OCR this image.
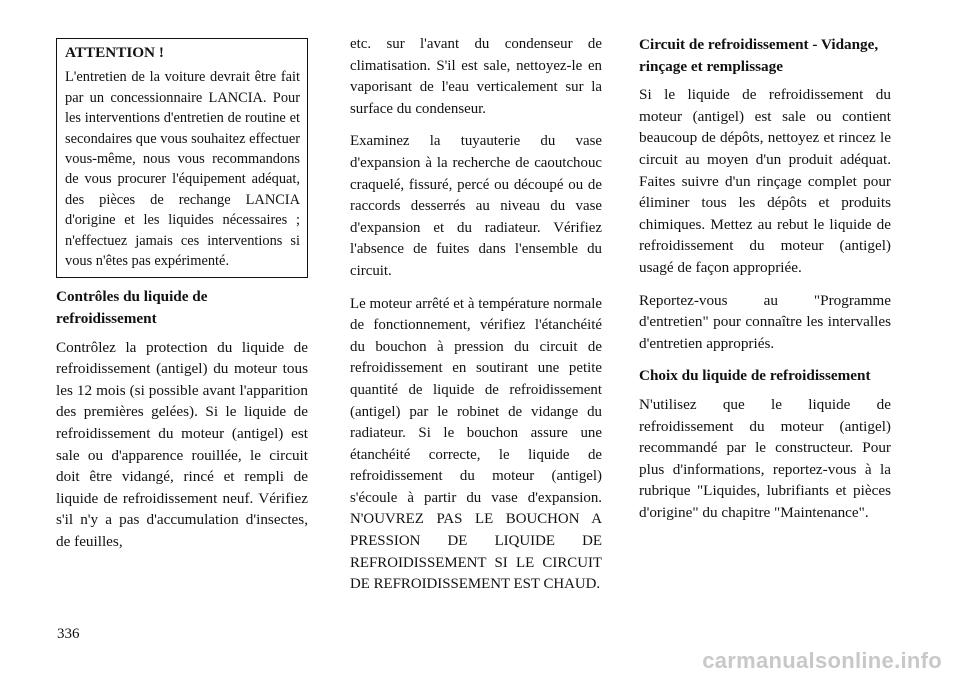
ATTENTION !

L'entretien de la voiture devrait être fait par un concessionnaire LANCIA. Pour les interventions d'entretien de routine et secondaires que vous souhaitez effectuer vous-même, nous vous recommandons de vous procurer l'équipement adéquat, des pièces de rechange LANCIA d'origine et les liquides nécessaires ; n'effectuez jamais ces interventions si vous n'êtes pas expérimenté.

Contrôles du liquide de refroidissement

Contrôlez la protection du liquide de refroidissement (antigel) du moteur tous les 12 mois (si possible avant l'apparition des premières gelées). Si le liquide de refroidissement du moteur (antigel) est sale ou d'apparence rouillée, le circuit doit être vidangé, rincé et rempli de liquide de refroidissement neuf. Vérifiez s'il n'y a pas d'accumulation d'insectes, de feuilles,

etc. sur l'avant du condenseur de climatisation. S'il est sale, nettoyez-le en vaporisant de l'eau verticalement sur la surface du condenseur.

Examinez la tuyauterie du vase d'expansion à la recherche de caoutchouc craquelé, fissuré, percé ou découpé ou de raccords desserrés au niveau du vase d'expansion et du radiateur. Vérifiez l'absence de fuites dans l'ensemble du circuit.

Le moteur arrêté et à température normale de fonctionnement, vérifiez l'étanchéité du bouchon à pression du circuit de refroidissement en soutirant une petite quantité de liquide de refroidissement (antigel) par le robinet de vidange du radiateur. Si le bouchon assure une étanchéité correcte, le liquide de refroidissement du moteur (antigel) s'écoule à partir du vase d'expansion. N'OUVREZ PAS LE BOUCHON A PRESSION DE LIQUIDE DE REFROIDISSEMENT SI LE CIRCUIT DE REFROIDISSEMENT EST CHAUD.

Circuit de refroidissement - Vidange, rinçage et remplissage

Si le liquide de refroidissement du moteur (antigel) est sale ou contient beaucoup de dépôts, nettoyez et rincez le circuit au moyen d'un produit adéquat. Faites suivre d'un rinçage complet pour éliminer tous les dépôts et produits chimiques. Mettez au rebut le liquide de refroidissement du moteur (antigel) usagé de façon appropriée.

Reportez-vous au "Programme d'entretien" pour connaître les intervalles d'entretien appropriés.

Choix du liquide de refroidissement

N'utilisez que le liquide de refroidissement du moteur (antigel) recommandé par le constructeur. Pour plus d'informations, reportez-vous à la rubrique "Liquides, lubrifiants et pièces d'origine" du chapitre "Maintenance".

336
carmanualsonline.info
